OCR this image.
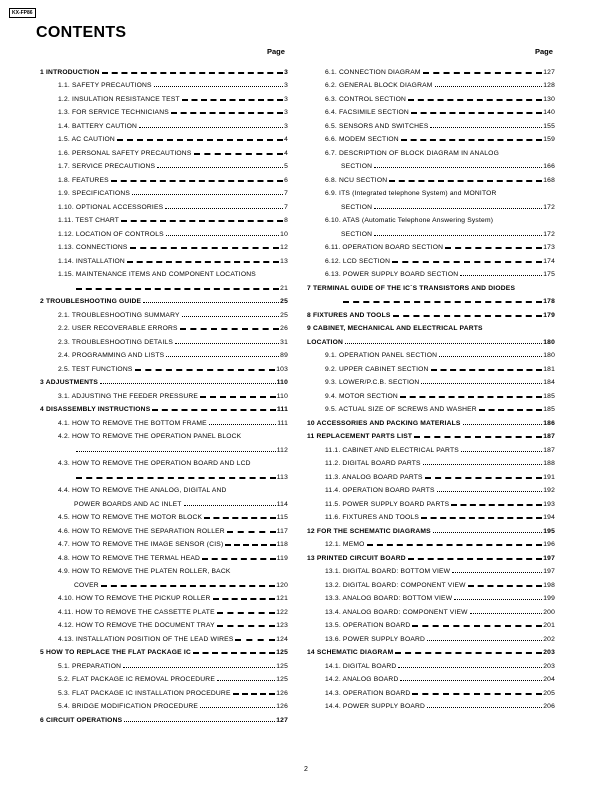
KX-FP86
CONTENTS
Page	Page
1 INTRODUCTION	3
1.1. SAFETY PRECAUTIONS	3
1.2. INSULATION RESISTANCE TEST	3
1.3. FOR SERVICE TECHNICIANS	3
1.4. BATTERY CAUTION	3
1.5. AC CAUTION	4
1.6. PERSONAL SAFETY PRECAUTIONS	4
1.7. SERVICE PRECAUTIONS	5
1.8. FEATURES	6
1.9. SPECIFICATIONS	7
1.10. OPTIONAL ACCESSORIES	7
1.11. TEST CHART	8
1.12. LOCATION OF CONTROLS	10
1.13. CONNECTIONS	12
1.14. INSTALLATION	13
1.15. MAINTENANCE ITEMS AND COMPONENT LOCATIONS
21
2 TROUBLESHOOTING GUIDE	25
2.1. TROUBLESHOOTING SUMMARY	25
2.2. USER RECOVERABLE ERRORS	26
2.3. TROUBLESHOOTING DETAILS	31
2.4. PROGRAMMING AND LISTS	89
2.5. TEST FUNCTIONS	103
3 ADJUSTMENTS	110
3.1. ADJUSTING THE FEEDER PRESSURE	110
4 DISASSEMBLY INSTRUCTIONS	111
4.1. HOW TO REMOVE THE BOTTOM FRAME	111
4.2. HOW TO REMOVE THE OPERATION PANEL BLOCK
112
4.3. HOW TO REMOVE THE OPERATION BOARD AND LCD
113
4.4. HOW TO REMOVE THE ANALOG, DIGITAL AND
POWER BOARDS AND AC INLET	114
4.5. HOW TO REMOVE THE MOTOR BLOCK	115
4.6. HOW TO REMOVE THE SEPARATION ROLLER	117
4.7. HOW TO REMOVE THE IMAGE SENSOR (CIS)	118
4.8. HOW TO REMOVE THE TERMAL HEAD	119
4.9. HOW TO REMOVE THE PLATEN ROLLER, BACK
COVER	120
4.10. HOW TO REMOVE THE PICKUP ROLLER	121
4.11. HOW TO REMOVE THE CASSETTE PLATE	122
4.12. HOW TO REMOVE THE DOCUMENT TRAY	123
4.13. INSTALLATION POSITION OF THE LEAD WIRES	124
5 HOW TO REPLACE THE FLAT PACKAGE IC	125
5.1. PREPARATION	125
5.2. FLAT PACKAGE IC REMOVAL PROCEDURE	125
5.3. FLAT PACKAGE IC INSTALLATION PROCEDURE	126
5.4. BRIDGE MODIFICATION PROCEDURE	126
6 CIRCUIT OPERATIONS	127
6.1. CONNECTION DIAGRAM	127
6.2. GENERAL BLOCK DIAGRAM	128
6.3. CONTROL SECTION	130
6.4. FACSIMILE SECTION	140
6.5. SENSORS AND SWITCHES	155
6.6. MODEM SECTION	159
6.7. DESCRIPTION OF BLOCK DIAGRAM IN ANALOG
SECTION	166
6.8. NCU SECTION	168
6.9. ITS (Integrated telephone System) and MONITOR
SECTION	172
6.10. ATAS (Automatic Telephone Answering System)
SECTION	172
6.11. OPERATION BOARD SECTION	173
6.12. LCD SECTION	174
6.13. POWER SUPPLY BOARD SECTION	175
7 TERMINAL GUIDE OF THE IC´S TRANSISTORS AND DIODES
178
8 FIXTURES AND TOOLS	179
9 CABINET, MECHANICAL AND ELECTRICAL PARTS
LOCATION	180
9.1. OPERATION PANEL SECTION	180
9.2. UPPER CABINET SECTION	181
9.3. LOWER/P.C.B. SECTION	184
9.4. MOTOR SECTION	185
9.5. ACTUAL SIZE OF SCREWS AND WASHER	185
10 ACCESSORIES AND PACKING MATERIALS	186
11 REPLACEMENT PARTS LIST	187
11.1. CABINET AND ELECTRICAL PARTS	187
11.2. DIGITAL BOARD PARTS	188
11.3. ANALOG BOARD PARTS	191
11.4. OPERATION BOARD PARTS	192
11.5. POWER SUPPLY BOARD PARTS	193
11.6. FIXTURES AND TOOLS	194
12 FOR THE SCHEMATIC DIAGRAMS	195
12.1. MEMO	196
13 PRINTED CIRCUIT BOARD	197
13.1. DIGITAL BOARD: BOTTOM VIEW	197
13.2. DIGITAL BOARD: COMPONENT VIEW	198
13.3. ANALOG BOARD: BOTTOM VIEW	199
13.4. ANALOG BOARD: COMPONENT VIEW	200
13.5. OPERATION BOARD	201
13.6. POWER SUPPLY BOARD	202
14 SCHEMATIC DIAGRAM	203
14.1. DIGITAL BOARD	203
14.2. ANALOG BOARD	204
14.3. OPERATION BOARD	205
14.4. POWER SUPPLY BOARD	206
2
